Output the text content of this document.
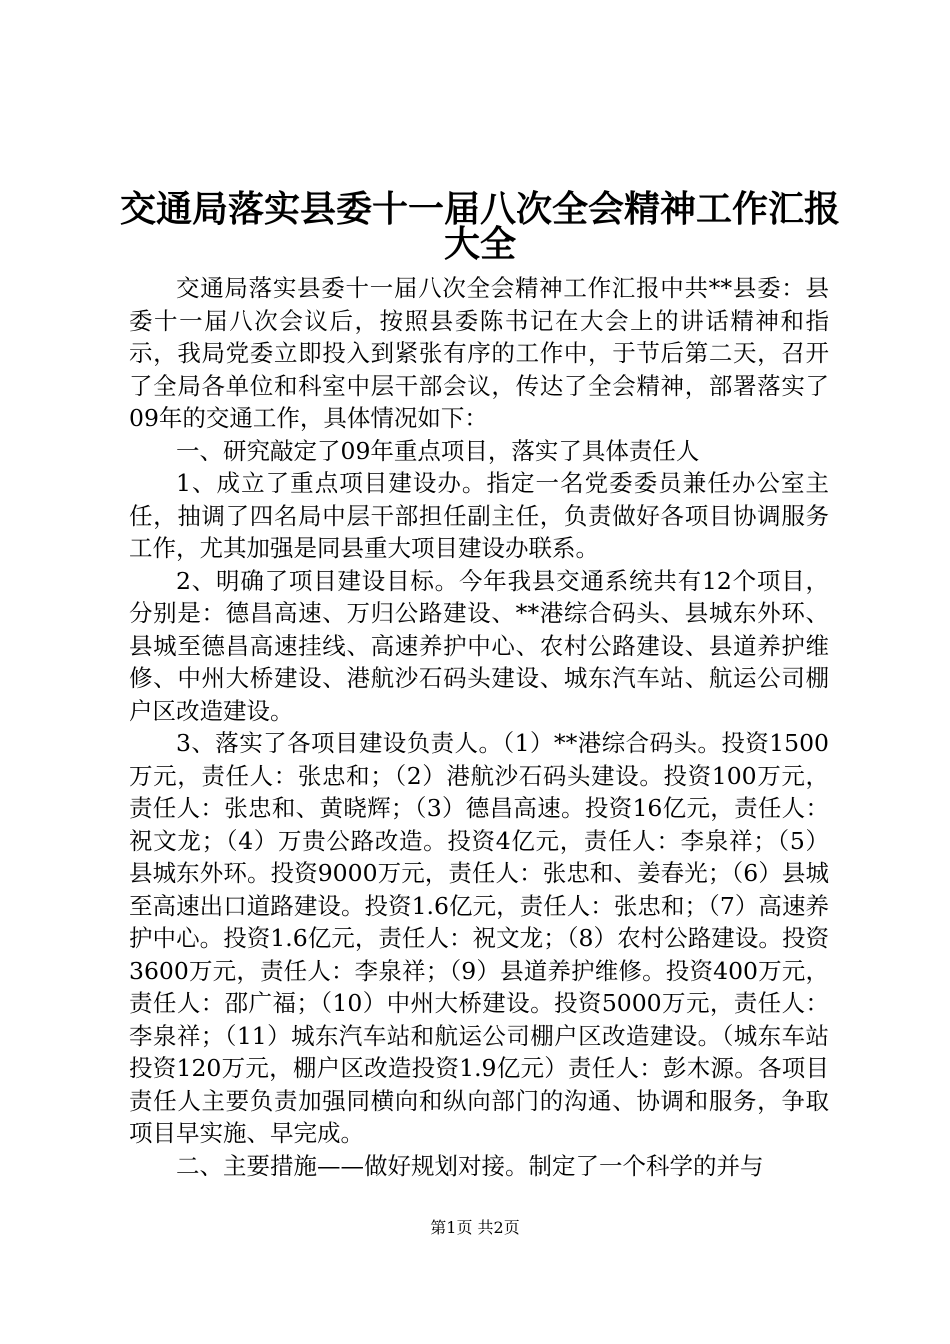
交通局落实县委十一届八次全会精神工作汇报
大全

交通局落实县委十一届八次全会精神工作汇报中共**县委：县委十一届八次会议后，按照县委陈书记在大会上的讲话精神和指示，我局党委立即投入到紧张有序的工作中，于节后第二天，召开了全局各单位和科室中层干部会议，传达了全会精神，部署落实了09年的交通工作，具体情况如下：

一、研究敲定了09年重点项目，落实了具体责任人

1、成立了重点项目建设办。指定一名党委委员兼任办公室主任，抽调了四名局中层干部担任副主任，负责做好各项目协调服务工作，尤其加强是同县重大项目建设办联系。

2、明确了项目建设目标。今年我县交通系统共有12个项目，分别是：德昌高速、万归公路建设、**港综合码头、县城东外环、县城至德昌高速挂线、高速养护中心、农村公路建设、县道养护维修、中州大桥建设、港航沙石码头建设、城东汽车站、航运公司棚户区改造建设。

3、落实了各项目建设负责人。（1）**港综合码头。投资1500万元，责任人：张忠和；（2）港航沙石码头建设。投资100万元，责任人：张忠和、黄晓辉；（3）德昌高速。投资16亿元，责任人：祝文龙；（4）万贵公路改造。投资4亿元，责任人：李泉祥；（5）县城东外环。投资9000万元，责任人：张忠和、姜春光；（6）县城至高速出口道路建设。投资1.6亿元，责任人：张忠和；（7）高速养护中心。投资1.6亿元，责任人：祝文龙；（8）农村公路建设。投资3600万元，责任人：李泉祥；（9）县道养护维修。投资400万元，责任人：邵广福；（10）中州大桥建设。投资5000万元，责任人：李泉祥；（11）城东汽车站和航运公司棚户区改造建设。（城东车站投资120万元，棚户区改造投资1.9亿元）责任人：彭木源。各项目责任人主要负责加强同横向和纵向部门的沟通、协调和服务，争取项目早实施、早完成。

二、主要措施——做好规划对接。制定了一个科学的并与

第1页 共2页
